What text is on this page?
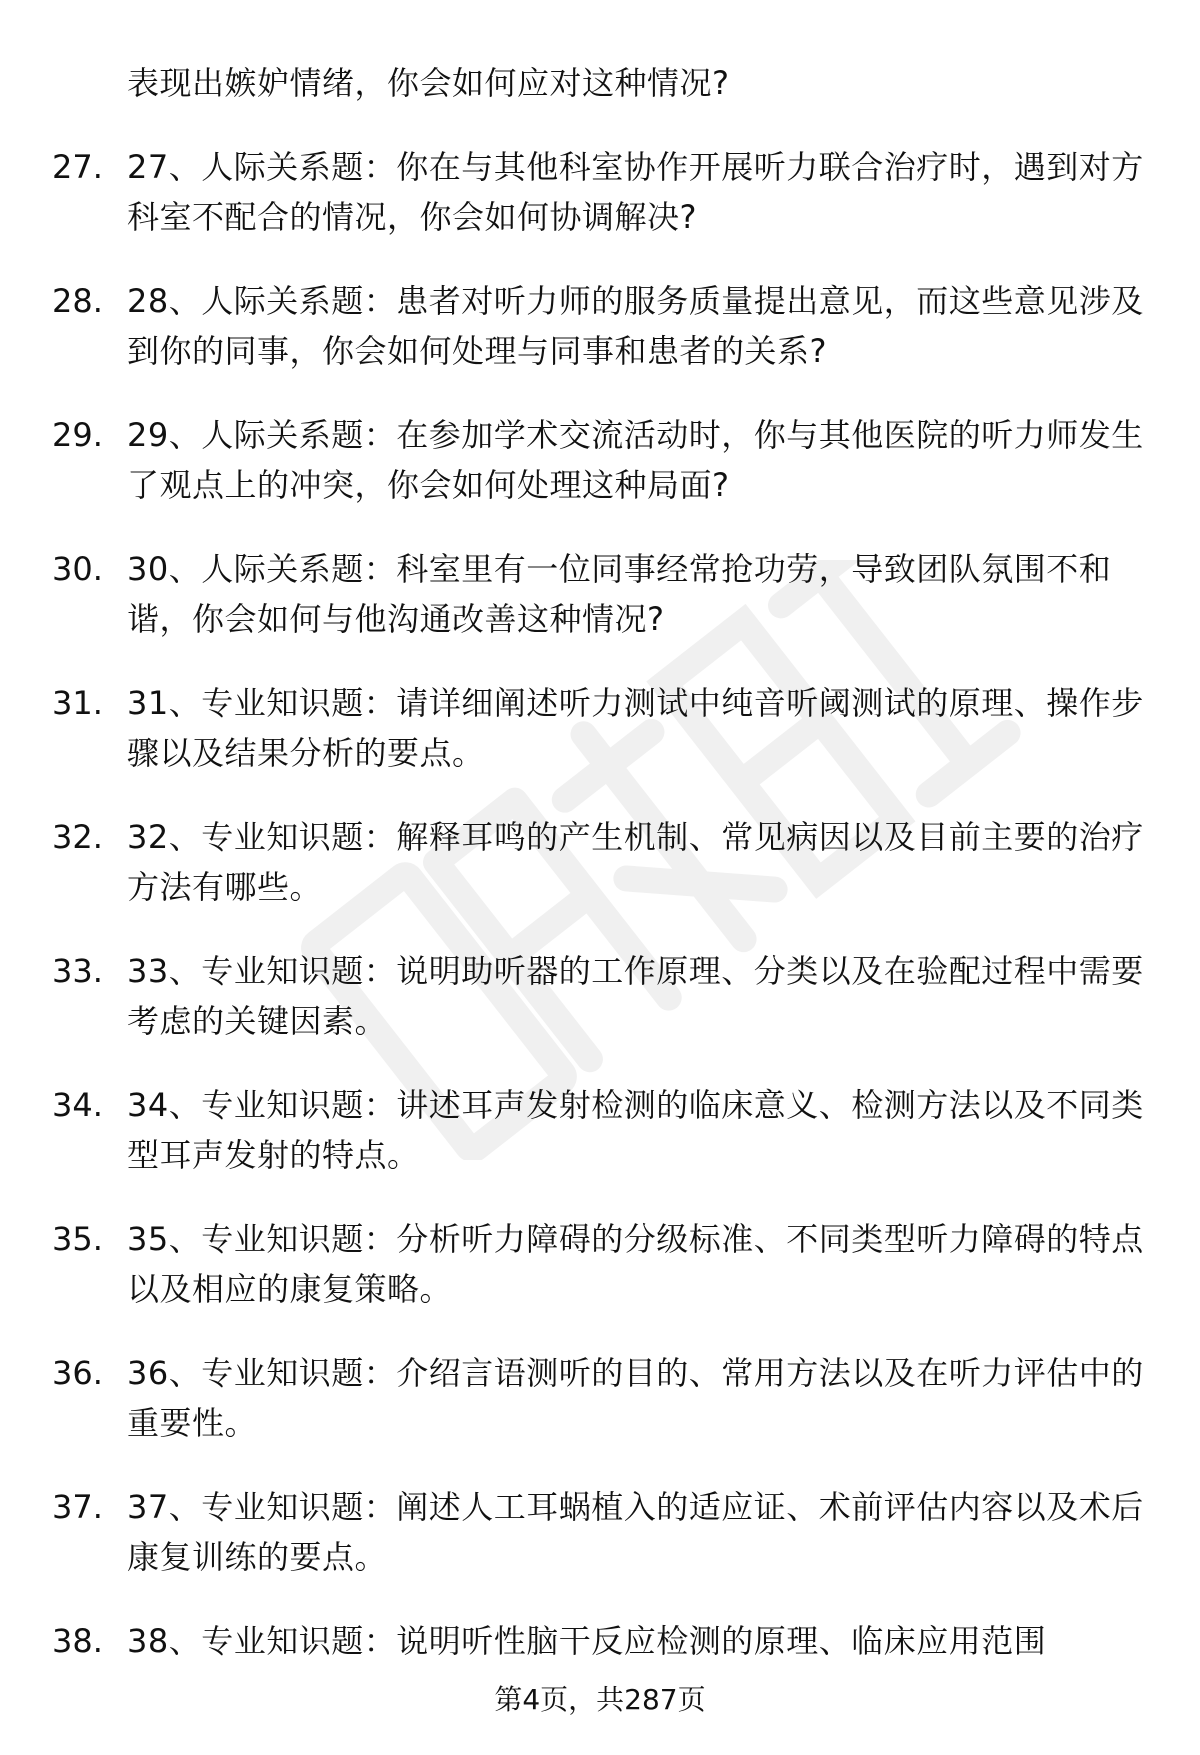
表现出嫉妒情绪，你会如何应对这种情况?

27. 27、人际关系题：你在与其他科室协作开展听力联合治疗时，遇到对方科室不配合的情况，你会如何协调解决?

28. 28、人际关系题：患者对听力师的服务质量提出意见，而这些意见涉及到你的同事，你会如何处理与同事和患者的关系?

29. 29、人际关系题：在参加学术交流活动时，你与其他医院的听力师发生了观点上的冲突，你会如何处理这种局面?

30. 30、人际关系题：科室里有一位同事经常抢功劳，导致团队氛围不和谐，你会如何与他沟通改善这种情况?

31. 31、专业知识题：请详细阐述听力测试中纯音听阈测试的原理、操作步骤以及结果分析的要点。

32. 32、专业知识题：解释耳鸣的产生机制、常见病因以及目前主要的治疗方法有哪些。

33. 33、专业知识题：说明助听器的工作原理、分类以及在验配过程中需要考虑的关键因素。

34. 34、专业知识题：讲述耳声发射检测的临床意义、检测方法以及不同类型耳声发射的特点。

35. 35、专业知识题：分析听力障碍的分级标准、不同类型听力障碍的特点以及相应的康复策略。

36. 36、专业知识题：介绍言语测听的目的、常用方法以及在听力评估中的重要性。

37. 37、专业知识题：阐述人工耳蜗植入的适应证、术前评估内容以及术后康复训练的要点。

38. 38、专业知识题：说明听性脑干反应检测的原理、临床应用范围

第4页，共287页
